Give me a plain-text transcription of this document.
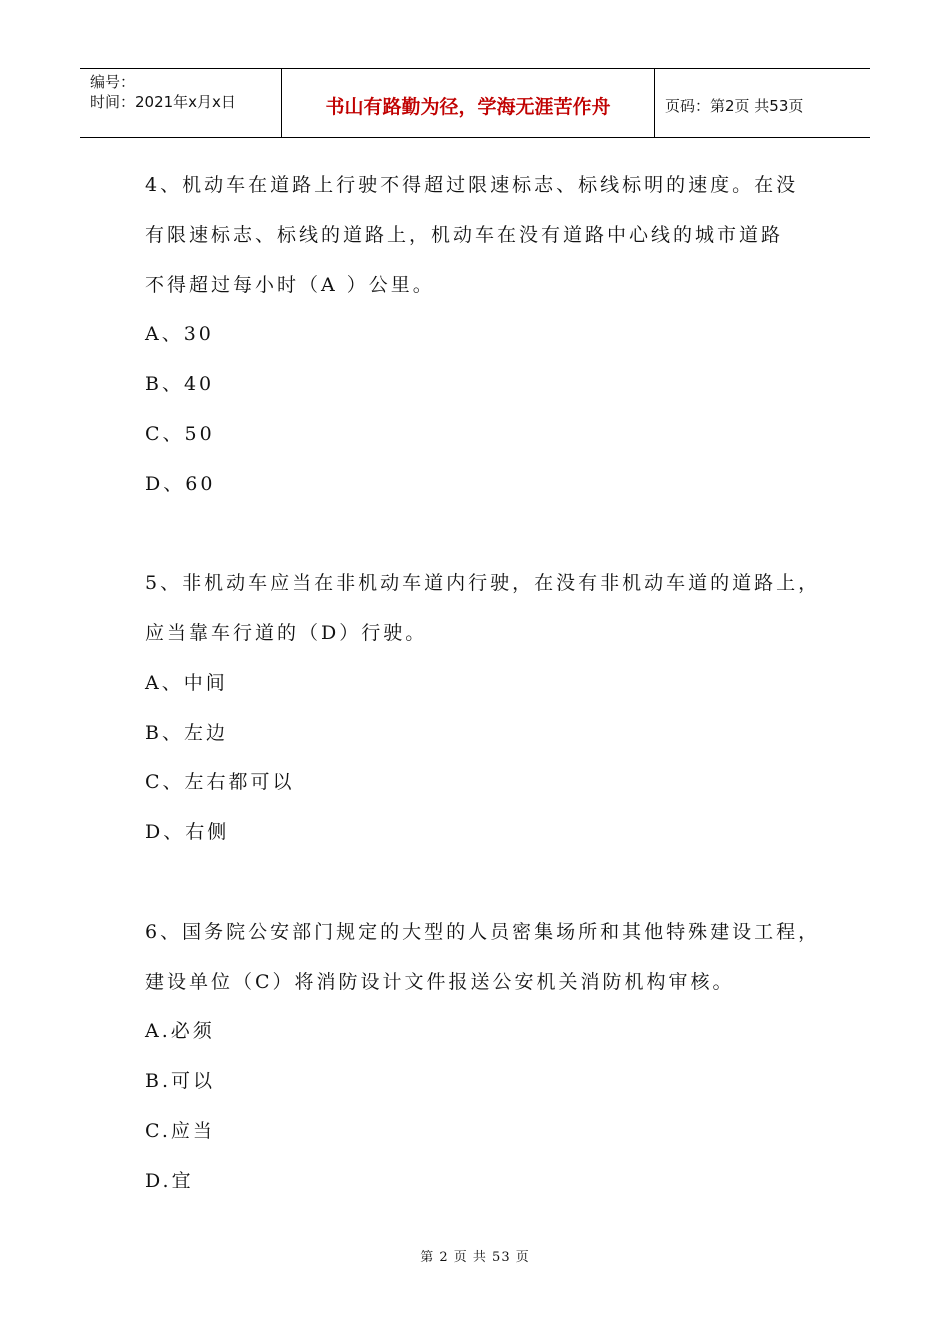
编号：
时间：2021年x月x日	书山有路勤为径，学海无涯苦作舟	页码：第2页 共53页
4、机动车在道路上行驶不得超过限速标志、标线标明的速度。在没
有限速标志、标线的道路上，机动车在没有道路中心线的城市道路
不得超过每小时（A ）公里。
A、30
B、40
C、50
D、60
5、非机动车应当在非机动车道内行驶，在没有非机动车道的道路上，
应当靠车行道的（D）行驶。
A、中间
B、左边
C、左右都可以
D、右侧
6、国务院公安部门规定的大型的人员密集场所和其他特殊建设工程，
建设单位（C）将消防设计文件报送公安机关消防机构审核。
A.必须
B.可以
C.应当
D.宜
第 2 页 共 53 页
